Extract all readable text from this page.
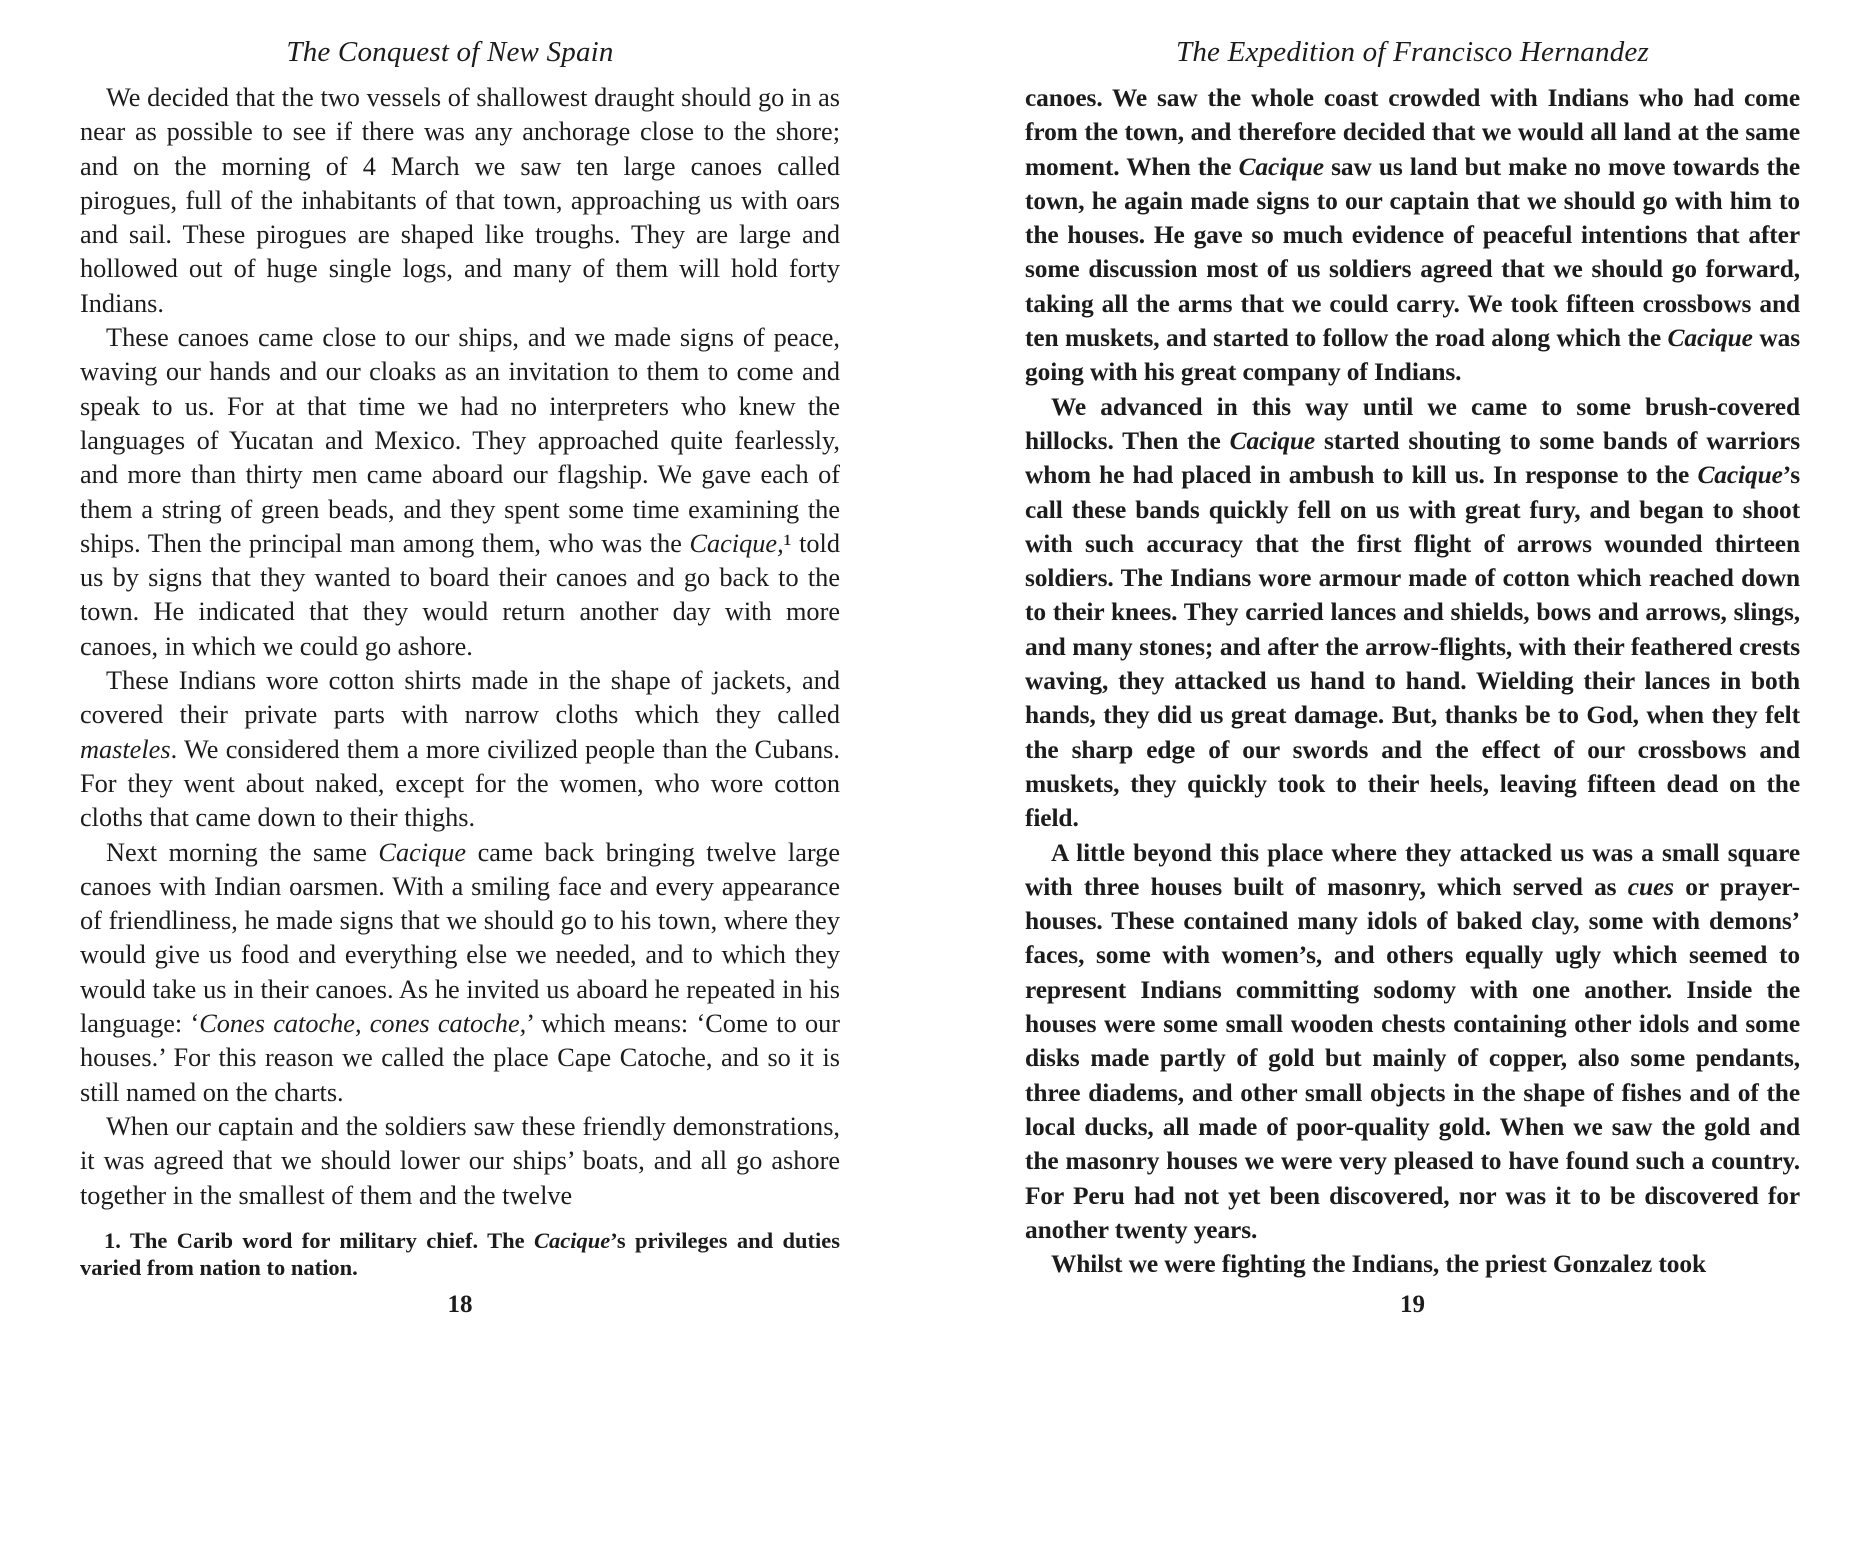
The Conquest of New Spain

We decided that the two vessels of shallowest draught should go in as near as possible to see if there was any anchorage close to the shore; and on the morning of 4 March we saw ten large canoes called pirogues, full of the inhabitants of that town, approaching us with oars and sail. These pirogues are shaped like troughs. They are large and hollowed out of huge single logs, and many of them will hold forty Indians.

These canoes came close to our ships, and we made signs of peace, waving our hands and our cloaks as an invitation to them to come and speak to us. For at that time we had no interpreters who knew the languages of Yucatan and Mexico. They approached quite fearlessly, and more than thirty men came aboard our flagship. We gave each of them a string of green beads, and they spent some time examining the ships. Then the principal man among them, who was the Cacique,¹ told us by signs that they wanted to board their canoes and go back to the town. He indicated that they would return another day with more canoes, in which we could go ashore.

These Indians wore cotton shirts made in the shape of jackets, and covered their private parts with narrow cloths which they called masteles. We considered them a more civilized people than the Cubans. For they went about naked, except for the women, who wore cotton cloths that came down to their thighs.

Next morning the same Cacique came back bringing twelve large canoes with Indian oarsmen. With a smiling face and every appearance of friendliness, he made signs that we should go to his town, where they would give us food and everything else we needed, and to which they would take us in their canoes. As he invited us aboard he repeated in his language: ‘Cones catoche, cones catoche,’ which means: ‘Come to our houses.’ For this reason we called the place Cape Catoche, and so it is still named on the charts.

When our captain and the soldiers saw these friendly demonstrations, it was agreed that we should lower our ships’ boats, and all go ashore together in the smallest of them and the twelve

1. The Carib word for military chief. The Cacique’s privileges and duties varied from nation to nation.
18
The Expedition of Francisco Hernandez

canoes. We saw the whole coast crowded with Indians who had come from the town, and therefore decided that we would all land at the same moment. When the Cacique saw us land but make no move towards the town, he again made signs to our captain that we should go with him to the houses. He gave so much evidence of peaceful intentions that after some discussion most of us soldiers agreed that we should go forward, taking all the arms that we could carry. We took fifteen crossbows and ten muskets, and started to follow the road along which the Cacique was going with his great company of Indians.

We advanced in this way until we came to some brush-covered hillocks. Then the Cacique started shouting to some bands of warriors whom he had placed in ambush to kill us. In response to the Cacique’s call these bands quickly fell on us with great fury, and began to shoot with such accuracy that the first flight of arrows wounded thirteen soldiers. The Indians wore armour made of cotton which reached down to their knees. They carried lances and shields, bows and arrows, slings, and many stones; and after the arrow-flights, with their feathered crests waving, they attacked us hand to hand. Wielding their lances in both hands, they did us great damage. But, thanks be to God, when they felt the sharp edge of our swords and the effect of our crossbows and muskets, they quickly took to their heels, leaving fifteen dead on the field.

A little beyond this place where they attacked us was a small square with three houses built of masonry, which served as cues or prayer-houses. These contained many idols of baked clay, some with demons’ faces, some with women’s, and others equally ugly which seemed to represent Indians committing sodomy with one another. Inside the houses were some small wooden chests containing other idols and some disks made partly of gold but mainly of copper, also some pendants, three diadems, and other small objects in the shape of fishes and of the local ducks, all made of poor-quality gold. When we saw the gold and the masonry houses we were very pleased to have found such a country. For Peru had not yet been discovered, nor was it to be discovered for another twenty years.

Whilst we were fighting the Indians, the priest Gonzalez took

19
